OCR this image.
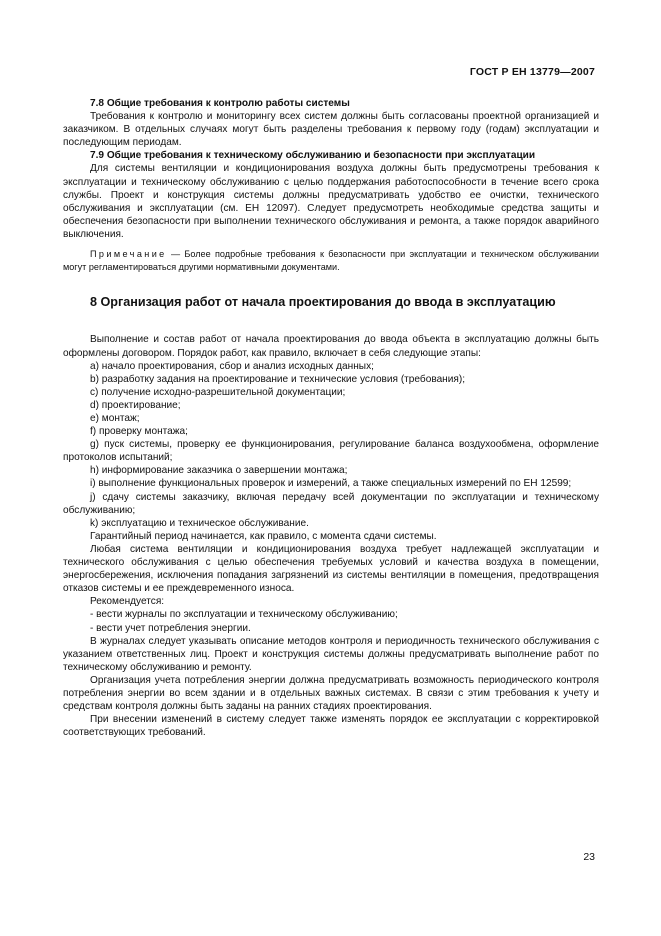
ГОСТ Р ЕН 13779—2007

7.8 Общие требования к контролю работы системы

Требования к контролю и мониторингу всех систем должны быть согласованы проектной организацией и заказчиком. В отдельных случаях могут быть разделены требования к первому году (годам) эксплуатации и последующим периодам.

7.9 Общие требования к техническому обслуживанию и безопасности при эксплуатации

Для системы вентиляции и кондиционирования воздуха должны быть предусмотрены требования к эксплуатации и техническому обслуживанию с целью поддержания работоспособности в течение всего срока службы. Проект и конструкция системы должны предусматривать удобство ее очистки, технического обслуживания и эксплуатации (см. ЕН 12097). Следует предусмотреть необходимые средства защиты и обеспечения безопасности при выполнении технического обслуживания и ремонта, а также порядок аварийного выключения.

Примечание — Более подробные требования к безопасности при эксплуатации и техническом обслуживании могут регламентироваться другими нормативными документами.

8 Организация работ от начала проектирования до ввода в эксплуатацию

Выполнение и состав работ от начала проектирования до ввода объекта в эксплуатацию должны быть оформлены договором. Порядок работ, как правило, включает в себя следующие этапы:

a) начало проектирования, сбор и анализ исходных данных;

b) разработку задания на проектирование и технические условия (требования);

c) получение исходно-разрешительной документации;

d) проектирование;

e) монтаж;

f) проверку монтажа;

g) пуск системы, проверку ее функционирования, регулирование баланса воздухообмена, оформление протоколов испытаний;

h) информирование заказчика о завершении монтажа;

i) выполнение функциональных проверок и измерений, а также специальных измерений по ЕН 12599;

j) сдачу системы заказчику, включая передачу всей документации по эксплуатации и техническому обслуживанию;

k) эксплуатацию и техническое обслуживание.

Гарантийный период начинается, как правило, с момента сдачи системы.

Любая система вентиляции и кондиционирования воздуха требует надлежащей эксплуатации и технического обслуживания с целью обеспечения требуемых условий и качества воздуха в помещении, энергосбережения, исключения попадания загрязнений из системы вентиляции в помещения, предотвращения отказов системы и ее преждевременного износа.

Рекомендуется:

- вести журналы по эксплуатации и техническому обслуживанию;

- вести учет потребления энергии.

В журналах следует указывать описание методов контроля и периодичность технического обслуживания с указанием ответственных лиц. Проект и конструкция системы должны предусматривать выполнение работ по техническому обслуживанию и ремонту.

Организация учета потребления энергии должна предусматривать возможность периодического контроля потребления энергии во всем здании и в отдельных важных системах. В связи с этим требования к учету и средствам контроля должны быть заданы на ранних стадиях проектирования.

При внесении изменений в систему следует также изменять порядок ее эксплуатации с корректировкой соответствующих требований.

23
